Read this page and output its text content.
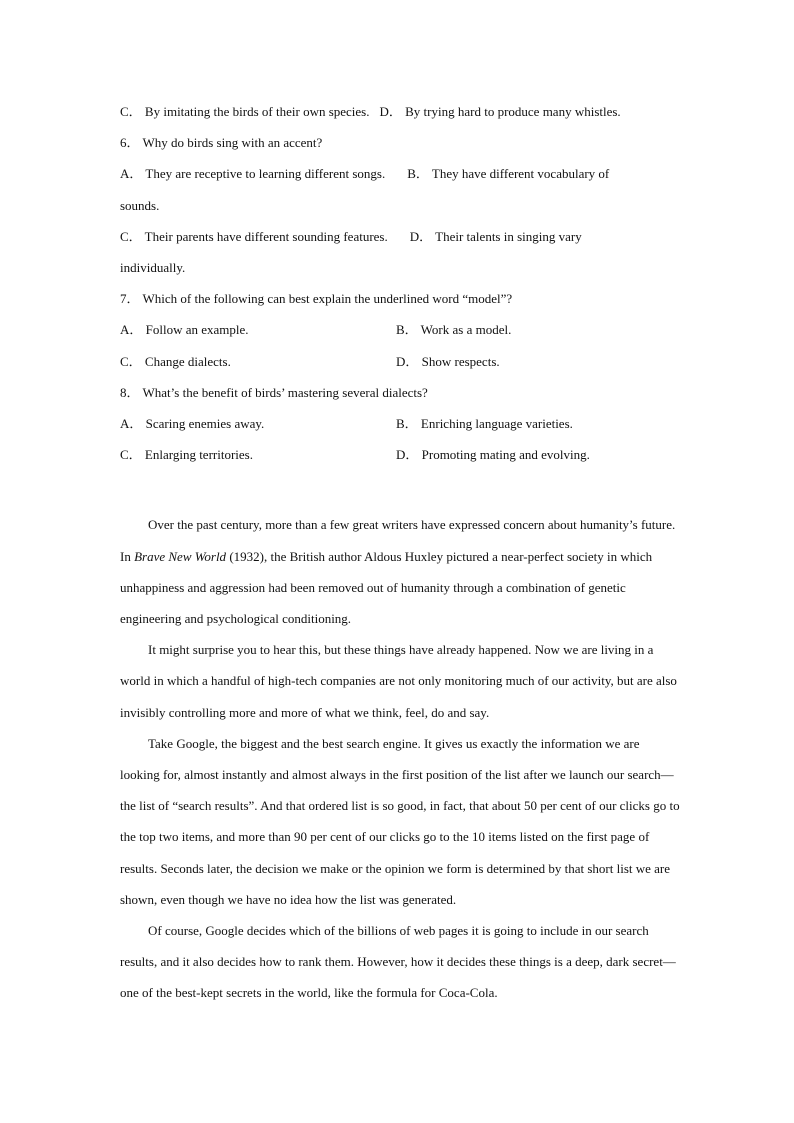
C． By imitating the birds of their own species. D． By trying hard to produce many whistles.
6． Why do birds sing with an accent?
A． They are receptive to learning different songs. B． They have different vocabulary of
sounds.
C． Their parents have different sounding features. D． Their talents in singing vary
individually.
7． Which of the following can best explain the underlined word “model”?
A． Follow an example.	B． Work as a model.
C． Change dialects.	D． Show respects.
8． What’s the benefit of birds’ mastering several dialects?
A． Scaring enemies away.	B． Enriching language varieties.
C． Enlarging territories.	D． Promoting mating and evolving.

Over the past century, more than a few great writers have expressed concern about humanity’s future. In Brave New World (1932), the British author Aldous Huxley pictured a near-perfect society in which unhappiness and aggression had been removed out of humanity through a combination of genetic engineering and psychological conditioning.

It might surprise you to hear this, but these things have already happened. Now we are living in a world in which a handful of high-tech companies are not only monitoring much of our activity, but are also invisibly controlling more and more of what we think, feel, do and say.

Take Google, the biggest and the best search engine. It gives us exactly the information we are looking for, almost instantly and almost always in the first position of the list after we launch our search—the list of “search results”. And that ordered list is so good, in fact, that about 50 per cent of our clicks go to the top two items, and more than 90 per cent of our clicks go to the 10 items listed on the first page of results. Seconds later, the decision we make or the opinion we form is determined by that short list we are shown, even though we have no idea how the list was generated.

Of course, Google decides which of the billions of web pages it is going to include in our search results, and it also decides how to rank them. However, how it decides these things is a deep, dark secret—one of the best-kept secrets in the world, like the formula for Coca-Cola.
